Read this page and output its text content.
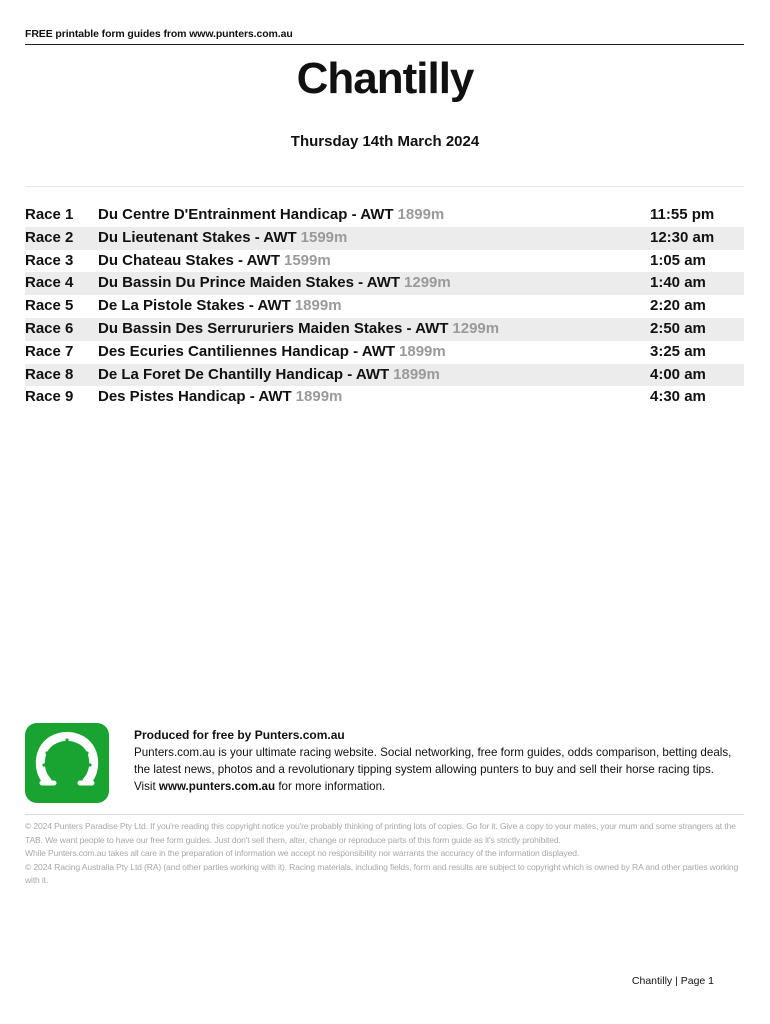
FREE printable form guides from www.punters.com.au
Chantilly
Thursday 14th March 2024
Race 1 Du Centre D'Entrainment Handicap - AWT 1899m	11:55 pm
Race 2 Du Lieutenant Stakes - AWT 1599m	12:30 am
Race 3 Du Chateau Stakes - AWT 1599m	1:05 am
Race 4 Du Bassin Du Prince Maiden Stakes - AWT 1299m	1:40 am
Race 5 De La Pistole Stakes - AWT 1899m	2:20 am
Race 6 Du Bassin Des Serrururiers Maiden Stakes - AWT 1299m	2:50 am
Race 7 Des Ecuries Cantiliennes Handicap - AWT 1899m	3:25 am
Race 8 De La Foret De Chantilly Handicap - AWT 1899m	4:00 am
Race 9 Des Pistes Handicap - AWT 1899m	4:30 am
Produced for free by Punters.com.au
Punters.com.au is your ultimate racing website. Social networking, free form guides, odds comparison, betting deals, the latest news, photos and a revolutionary tipping system allowing punters to buy and sell their horse racing tips.
Visit www.punters.com.au for more information.
© 2024 Punters Paradise Pty Ltd. If you're reading this copyright notice you're probably thinking of printing lots of copies. Go for it. Give a copy to your mates, your mum and some strangers at the TAB. We want people to have our free form guides. Just don't sell them, alter, change or reproduce parts of this form guide as it's strictly prohibited.
While Punters.com.au takes all care in the preparation of information we accept no responsibility nor warrants the accuracy of the information displayed.
© 2024 Racing Australia Pty Ltd (RA) (and other parties working with it). Racing materials, including fields, form and results are subject to copyright which is owned by RA and other parties working with it.
Chantilly | Page 1
